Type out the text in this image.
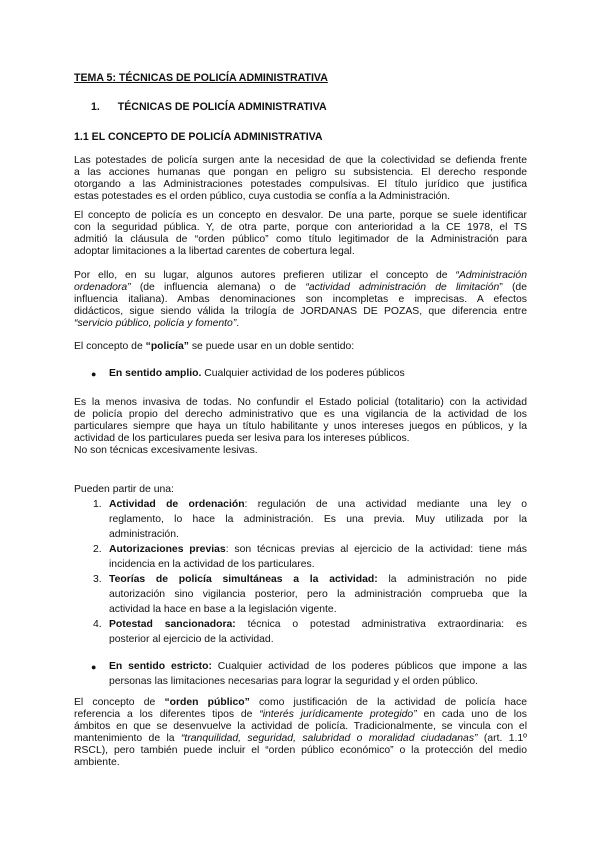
TEMA 5: TÉCNICAS DE POLICÍA ADMINISTRATIVA
1. TÉCNICAS DE POLICÍA ADMINISTRATIVA
1.1 EL CONCEPTO DE POLICÍA ADMINISTRATIVA
Las potestades de policía surgen ante la necesidad de que la colectividad se defienda frente
a las acciones humanas que pongan en peligro su subsistencia. El derecho responde
otorgando a las Administraciones potestades compulsivas. El título jurídico que justifica
estas potestades es el orden público, cuya custodia se confía a la Administración.
El concepto de policía es un concepto en desvalor. De una parte, porque se suele identificar
con la seguridad pública. Y, de otra parte, porque con anterioridad a la CE 1978, el TS
admitió la cláusula de “orden público” como título legitimador de la Administración para
adoptar limitaciones a la libertad carentes de cobertura legal.
Por ello, en su lugar, algunos autores prefieren utilizar el concepto de “Administración
ordenadora” (de influencia alemana) o de “actividad administración de limitación” (de
influencia italiana). Ambas denominaciones son incompletas e imprecisas. A efectos
didácticos, sigue siendo válida la trilogía de JORDANAS DE POZAS, que diferencia entre
“servicio público, policía y fomento”.
El concepto de “policía” se puede usar en un doble sentido:
● En sentido amplio. Cualquier actividad de los poderes públicos
Es la menos invasiva de todas. No confundir el Estado policial (totalitario) con la actividad
de policía propio del derecho administrativo que es una vigilancia de la actividad de los
particulares siempre que haya un título habilitante y unos intereses juegos en públicos, y la
actividad de los particulares pueda ser lesiva para los intereses públicos.
No son técnicas excesivamente lesivas.
Pueden partir de una:
1. Actividad de ordenación: regulación de una actividad mediante una ley o
reglamento, lo hace la administración. Es una previa. Muy utilizada por la
administración.
2. Autorizaciones previas: son técnicas previas al ejercicio de la actividad: tiene más
incidencia en la actividad de los particulares.
3. Teorías de policía simultáneas a la actividad: la administración no pide
autorización sino vigilancia posterior, pero la administración comprueba que la
actividad la hace en base a la legislación vigente.
4. Potestad sancionadora: técnica o potestad administrativa extraordinaria: es
posterior al ejercicio de la actividad.
● En sentido estricto: Cualquier actividad de los poderes públicos que impone a las
personas las limitaciones necesarias para lograr la seguridad y el orden público.
El concepto de “orden público” como justificación de la actividad de policía hace
referencia a los diferentes tipos de “interés jurídicamente protegido” en cada uno de los
ámbitos en que se desenvuelve la actividad de policía. Tradicionalmente, se vincula con el
mantenimiento de la “tranquilidad, seguridad, salubridad o moralidad ciudadanas” (art. 1.1º
RSCL), pero también puede incluir el “orden público económico” o la protección del medio
ambiente.
